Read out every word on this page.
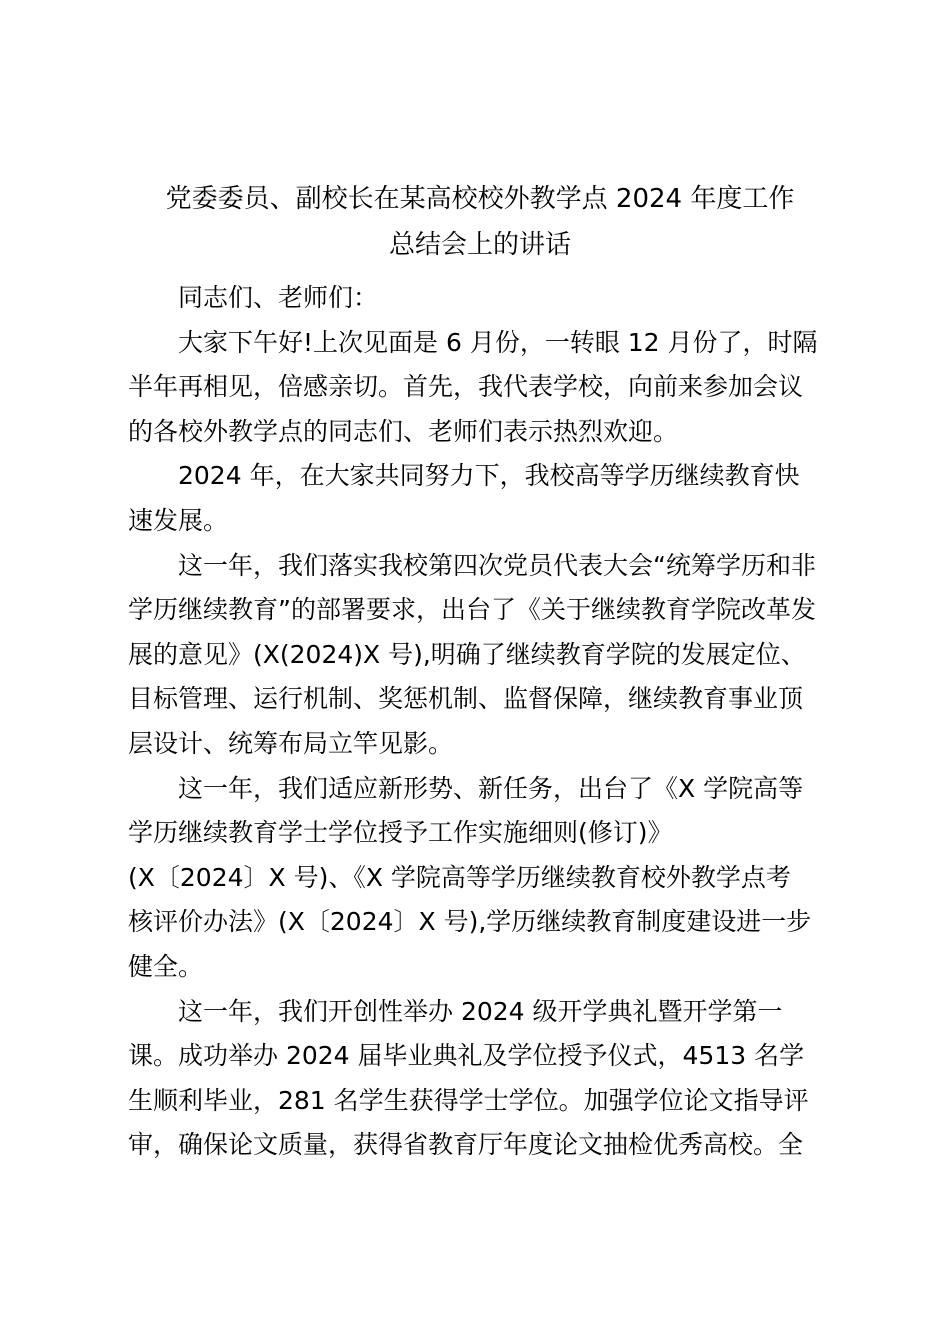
党委委员、副校长在某高校校外教学点 2024 年度工作
总结会上的讲话

同志们、老师们：

大家下午好!上次见面是 6 月份，一转眼 12 月份了，时隔
半年再相见，倍感亲切。首先，我代表学校，向前来参加会议
的各校外教学点的同志们、老师们表示热烈欢迎。

2024 年，在大家共同努力下，我校高等学历继续教育快
速发展。

这一年，我们落实我校第四次党员代表大会“统筹学历和非
学历继续教育”的部署要求，出台了《关于继续教育学院改革发
展的意见》(X(2024)X 号),明确了继续教育学院的发展定位、
目标管理、运行机制、奖惩机制、监督保障，继续教育事业顶
层设计、统筹布局立竿见影。

这一年，我们适应新形势、新任务，出台了《X 学院高等
学历继续教育学士学位授予工作实施细则(修订)》
(X〔2024〕X 号)、《X 学院高等学历继续教育校外教学点考
核评价办法》(X〔2024〕X 号),学历继续教育制度建设进一步
健全。

这一年，我们开创性举办 2024 级开学典礼暨开学第一
课。成功举办 2024 届毕业典礼及学位授予仪式，4513 名学
生顺利毕业，281 名学生获得学士学位。加强学位论文指导评
审，确保论文质量，获得省教育厅年度论文抽检优秀高校。全
